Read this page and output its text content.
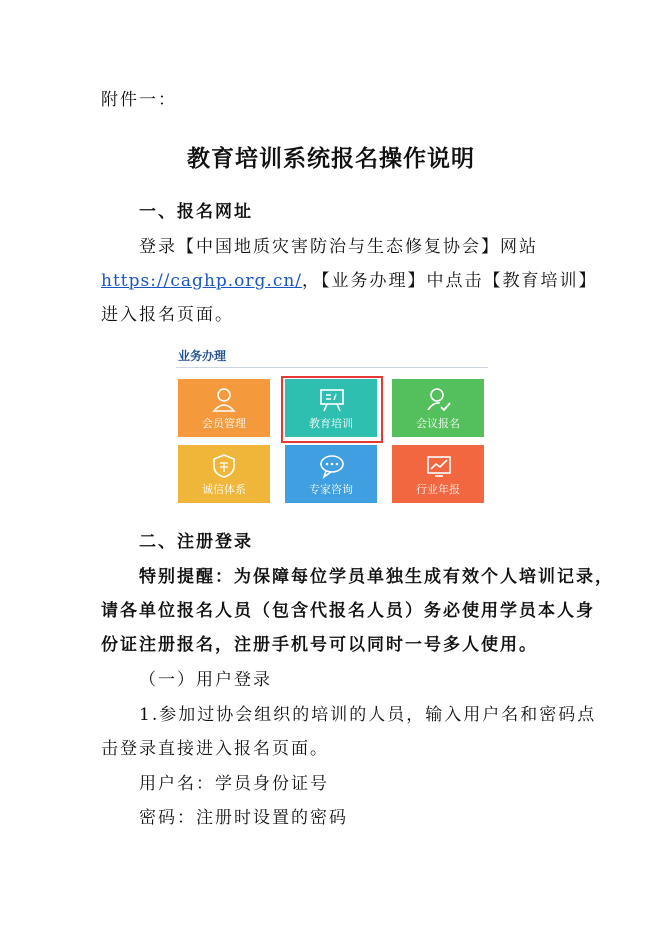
附件一：
教育培训系统报名操作说明
一、报名网址
登录【中国地质灾害防治与生态修复协会】网站
https://caghp.org.cn/，【业务办理】中点击【教育培训】
进入报名页面。
业务办理
会员管理	教育培训	会议报名
诚信体系	专家咨询	行业年报
二、注册登录
特别提醒：为保障每位学员单独生成有效个人培训记录，
请各单位报名人员（包含代报名人员）务必使用学员本人身
份证注册报名，注册手机号可以同时一号多人使用。
（一）用户登录
1.参加过协会组织的培训的人员，输入用户名和密码点
击登录直接进入报名页面。
用户名：学员身份证号
密码：注册时设置的密码
